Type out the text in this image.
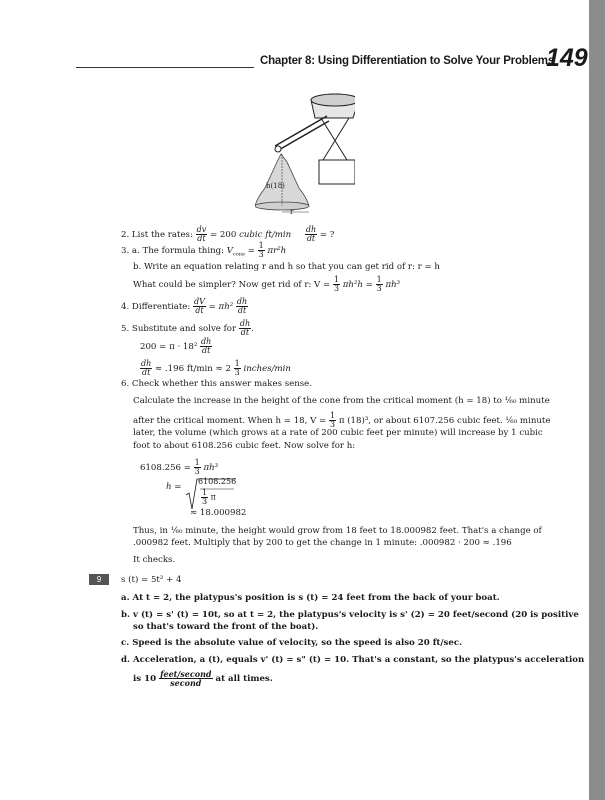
Chapter 8: Using Differentiation to Solve Your Problems
149
h(18)
r
2. List the rates: $\frac{dv}{dt} = 200$ cubic $ft/\min \frac{dh}{dt}$ = ?
3. a. The formula thing: $V_{cone} = \frac{1}{3} \pi r^2h$
b. Write an equation relating r and h so that you can get rid of r: r = h
What could be simpler? Now get rid of r: $V = \frac{1}{3} \pi h^2h = \frac{1}{3} \pi h^3$
4. Differentiate: $\frac{dV}{dt} = \pi h^2 \frac{dh}{dt}$
5. Substitute and solve for $\frac{dh}{dt}$ .
$200 = \pi \cdot 18^2 \frac{dh}{dt}$
$\frac{dh}{dt} \approx .196$ $ft/\min \approx 2 \frac{1}{3}$ inches/min
6. Check whether this answer makes sense.
Calculate the increase in the height of the cone from the critical moment (h = 18) to ¹⁄₆₀ minute
after the critical moment. When h = 18, $V = \frac{1}{3}$ π (18)³, or about 6107.256 cubic feet. ¹⁄₆₀ minute
later, the volume (which grows at a rate of 200 cubic feet per minute) will increase by 1 cubic
foot to about 6108.256 cubic feet. Now solve for h:
$6108.256 = \frac{1}{3} \pi h^3$
h =
6108.256
$\frac{1}{3}$ π
≈ 18.000982
Thus, in ¹⁄₆₀ minute, the height would grow from 18 feet to 18.000982 feet. That's a change of
.000982 feet. Multiply that by 200 to get the change in 1 minute: .000982 · 200 ≈ .196
It checks.
9	s (t) = 5t² + 4
a. At t = 2, the platypus's position is s (t) = 24 feet from the back of your boat.
b. v (t) = s' (t) = 10t, so at t = 2, the platypus's velocity is s' (2) = 20 feet/second (20 is positive
so that's toward the front of the boat).
c. Speed is the absolute value of velocity, so the speed is also 20 ft/sec.
d. Acceleration, a (t), equals v' (t) = s" (t) = 10. That's a constant, so the platypus's acceleration
is $10 \frac{\text{feet/second}}{\text{second}}$ at all times.
